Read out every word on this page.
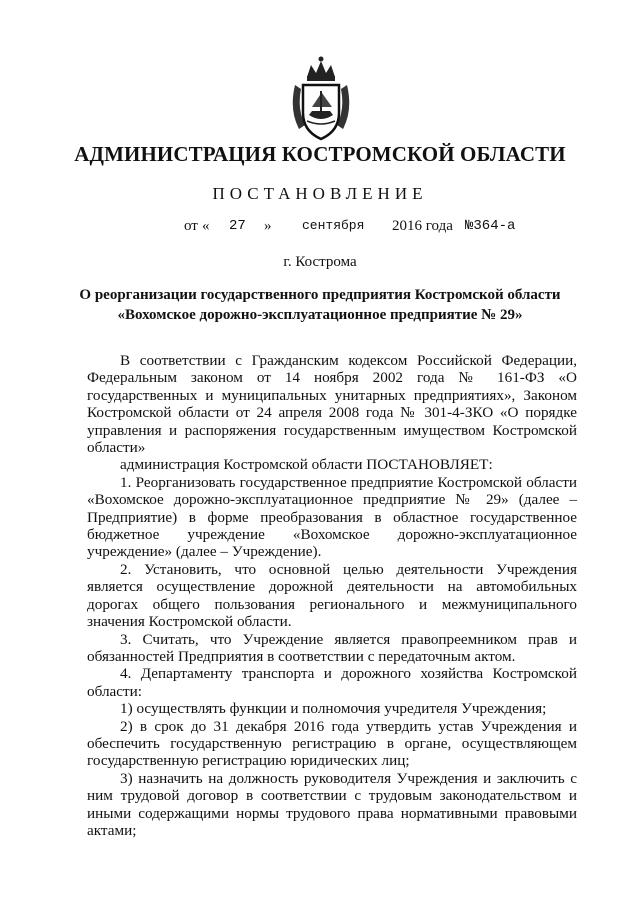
АДМИНИСТРАЦИЯ КОСТРОМСКОЙ ОБЛАСТИ
ПОСТАНОВЛЕНИЕ
от « 27 » сентября 2016 года №364-а
г. Кострома
О реорганизации государственного предприятия Костромской области
«Вохомское дорожно-эксплуатационное предприятие № 29»

В соответствии с Гражданским кодексом Российской Федерации, Федеральным законом от 14 ноября 2002 года № 161-ФЗ «О государственных и муниципальных унитарных предприятиях», Законом Костромской области от 24 апреля 2008 года № 301-4-ЗКО «О порядке управления и распоряжения государственным имуществом Костромской области»

администрация Костромской области ПОСТАНОВЛЯЕТ:

1. Реорганизовать государственное предприятие Костромской области «Вохомское дорожно-эксплуатационное предприятие № 29» (далее – Предприятие) в форме преобразования в областное государственное бюджетное учреждение «Вохомское дорожно-эксплуатационное учреждение» (далее – Учреждение).

2. Установить, что основной целью деятельности Учреждения является осуществление дорожной деятельности на автомобильных дорогах общего пользования регионального и межмуниципального значения Костромской области.

3. Считать, что Учреждение является правопреемником прав и обязанностей Предприятия в соответствии с передаточным актом.

4. Департаменту транспорта и дорожного хозяйства Костромской области:

1) осуществлять функции и полномочия учредителя Учреждения;

2) в срок до 31 декабря 2016 года утвердить устав Учреждения и обеспечить государственную регистрацию в органе, осуществляющем государственную регистрацию юридических лиц;

3) назначить на должность руководителя Учреждения и заключить с ним трудовой договор в соответствии с трудовым законодательством и иными содержащими нормы трудового права нормативными правовыми актами;
